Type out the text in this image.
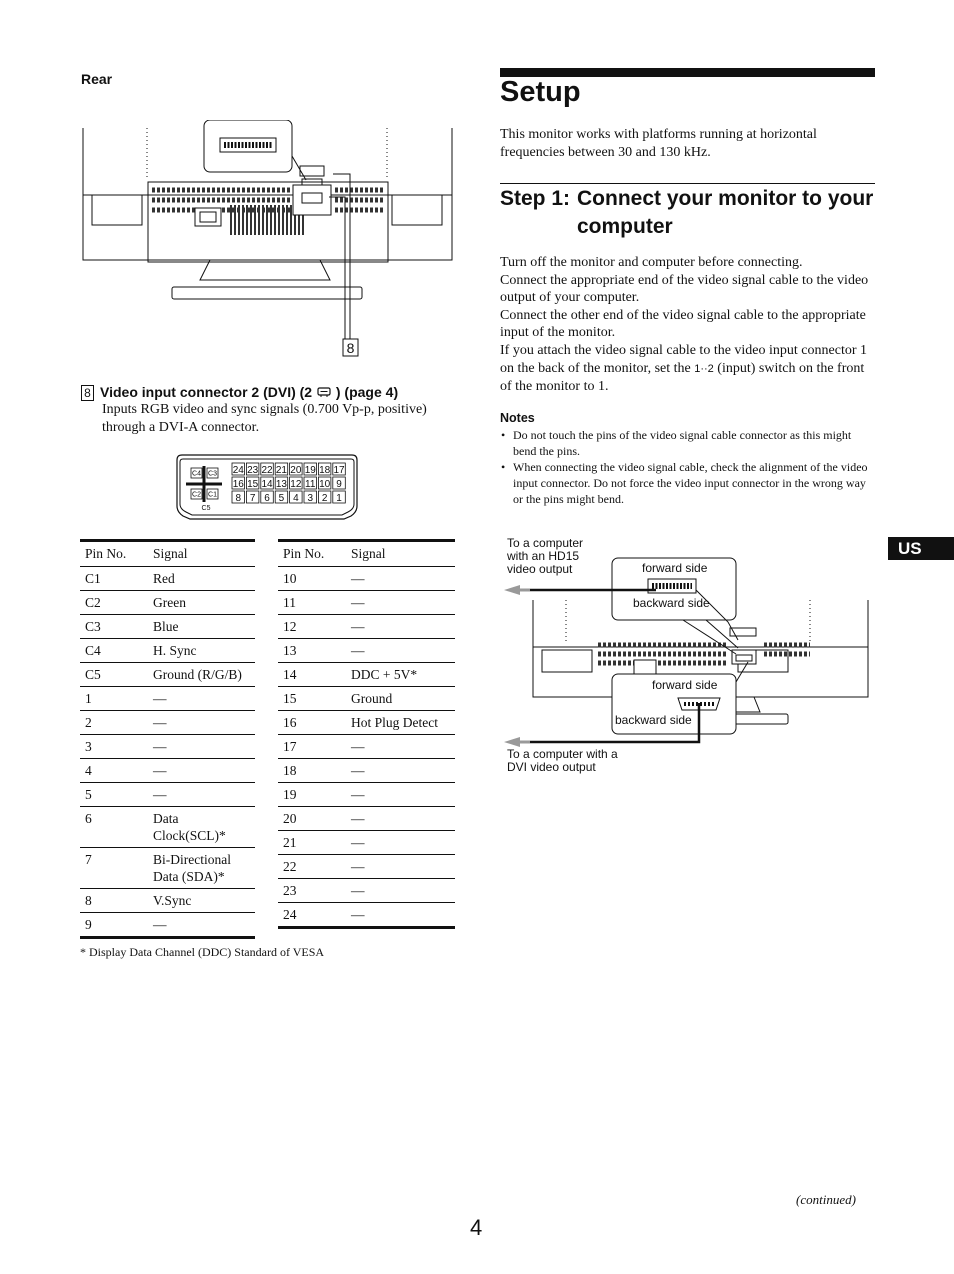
Rear
8
8 Video input connector 2 (DVI) (2 ) (page 4)
Inputs RGB video and sync signals (0.700 Vp-p, positive) through a DVI-A connector.
C4 C3
C2 C1
C5
24 23 22 21 20 19 18 17
16 15 14 13 12 11 10 9
8 7 6 5 4 3 2 1
Pin No.	Signal
C1	Red
C2	Green
C3	Blue
C4	H. Sync
C5	Ground (R/G/B)
1	—
2	—
3	—
4	—
5	—
6	Data Clock(SCL)*
7	Bi-Directional Data (SDA)*
8	V.Sync
9	—
Pin No.	Signal
10	—
11	—
12	—
13	—
14	DDC + 5V*
15	Ground
16	Hot Plug Detect
17	—
18	—
19	—
20	—
21	—
22	—
23	—
24	—
* Display Data Channel (DDC) Standard of VESA
Setup
This monitor works with platforms running at horizontal frequencies between 30 and 130 kHz.
Step 1: Connect your monitor to your computer

Turn off the monitor and computer before connecting.

Connect the appropriate end of the video signal cable to the video output of your computer.

Connect the other end of the video signal cable to the appropriate input of the monitor.

If you attach the video signal cable to the video input connector 1 on the back of the monitor, set the 1··2 (input) switch on the front of the monitor to 1.

Notes
• Do not touch the pins of the video signal cable connector as this might bend the pins.
• When connecting the video signal cable, check the alignment of the video input connector. Do not force the video input connector in the wrong way or the pins might bend.
US
To a computer
with an HD15
video output	forward side
backward side
forward side
backward side
To a computer with a
DVI video output
(continued)
4
